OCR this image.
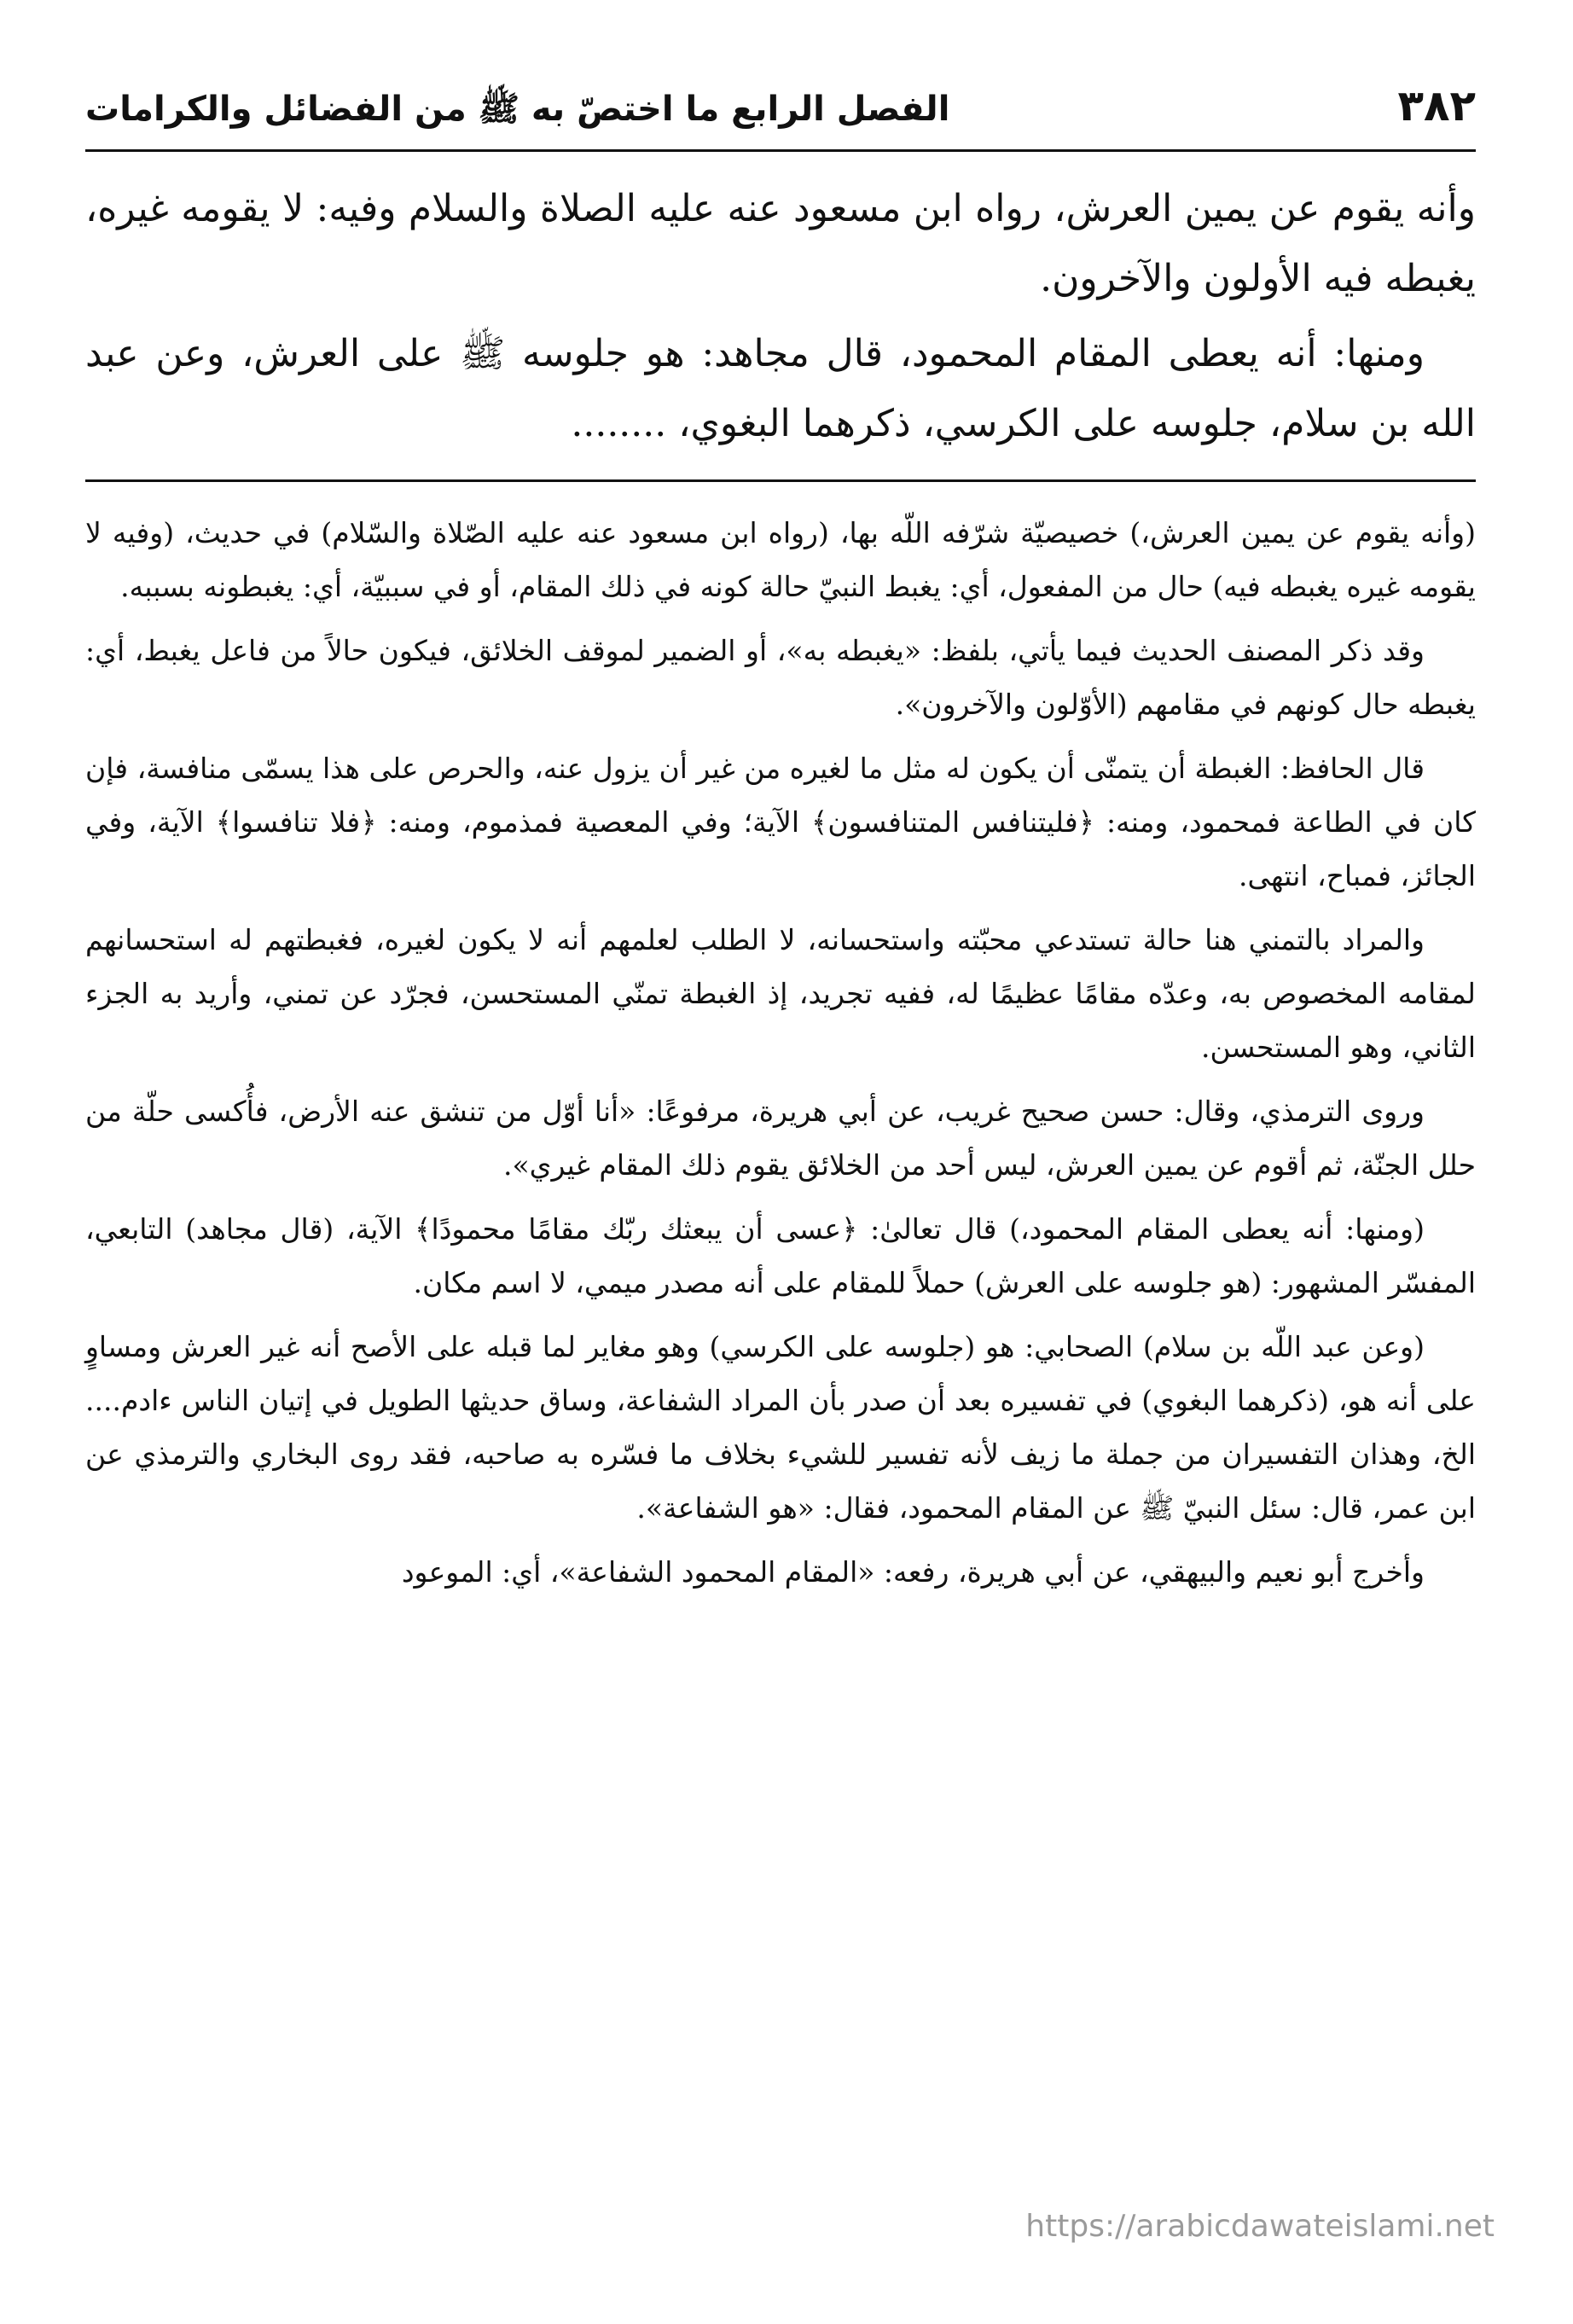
٣٨٢
الفصل الرابع ما اختصّ به ﷺ من الفضائل والكرامات

وأنه يقوم عن يمين العرش، رواه ابن مسعود عنه عليه الصلاة والسلام وفيه: لا يقومه غيره، يغبطه فيه الأولون والآخرون.

ومنها: أنه يعطى المقام المحمود، قال مجاهد: هو جلوسه ﷺ على العرش، وعن عبد الله بن سلام، جلوسه على الكرسي، ذكرهما البغوي، ........

(وأنه يقوم عن يمين العرش،) خصيصيّة شرّفه اللّه بها، (رواه ابن مسعود عنه عليه الصّلاة والسّلام) في حديث، (وفيه لا يقومه غيره يغبطه فيه) حال من المفعول، أي: يغبط النبيّ حالة كونه في ذلك المقام، أو في سببيّة، أي: يغبطونه بسببه.

وقد ذكر المصنف الحديث فيما يأتي، بلفظ: «يغبطه به»، أو الضمير لموقف الخلائق، فيكون حالاً من فاعل يغبط، أي: يغبطه حال كونهم في مقامهم (الأوّلون والآخرون».

قال الحافظ: الغبطة أن يتمنّى أن يكون له مثل ما لغيره من غير أن يزول عنه، والحرص على هذا يسمّى منافسة، فإن كان في الطاعة فمحمود، ومنه: ﴿فليتنافس المتنافسون﴾ الآية؛ وفي المعصية فمذموم، ومنه: ﴿فلا تنافسوا﴾ الآية، وفي الجائز، فمباح، انتهى.

والمراد بالتمني هنا حالة تستدعي محبّته واستحسانه، لا الطلب لعلمهم أنه لا يكون لغيره، فغبطتهم له استحسانهم لمقامه المخصوص به، وعدّه مقامًا عظيمًا له، ففيه تجريد، إذ الغبطة تمنّي المستحسن، فجرّد عن تمني، وأريد به الجزء الثاني، وهو المستحسن.

وروى الترمذي، وقال: حسن صحيح غريب، عن أبي هريرة، مرفوعًا: «أنا أوّل من تنشق عنه الأرض، فأُكسى حلّة من حلل الجنّة، ثم أقوم عن يمين العرش، ليس أحد من الخلائق يقوم ذلك المقام غيري».

(ومنها: أنه يعطى المقام المحمود،) قال تعالىٰ: ﴿عسى أن يبعثك ربّك مقامًا محمودًا﴾ الآية، (قال مجاهد) التابعي، المفسّر المشهور: (هو جلوسه على العرش) حملاً للمقام على أنه مصدر ميمي، لا اسم مكان.

(وعن عبد اللّه بن سلام) الصحابي: هو (جلوسه على الكرسي) وهو مغاير لما قبله على الأصح أنه غير العرش ومساوٍ على أنه هو، (ذكرهما البغوي) في تفسيره بعد أن صدر بأن المراد الشفاعة، وساق حديثها الطويل في إتيان الناس ءادم.... الخ، وهذان التفسيران من جملة ما زيف لأنه تفسير للشيء بخلاف ما فسّره به صاحبه، فقد روى البخاري والترمذي عن ابن عمر، قال: سئل النبيّ ﷺ عن المقام المحمود، فقال: «هو الشفاعة».

وأخرج أبو نعيم والبيهقي، عن أبي هريرة، رفعه: «المقام المحمود الشفاعة»، أي: الموعود

https://arabicdawateislami.net
